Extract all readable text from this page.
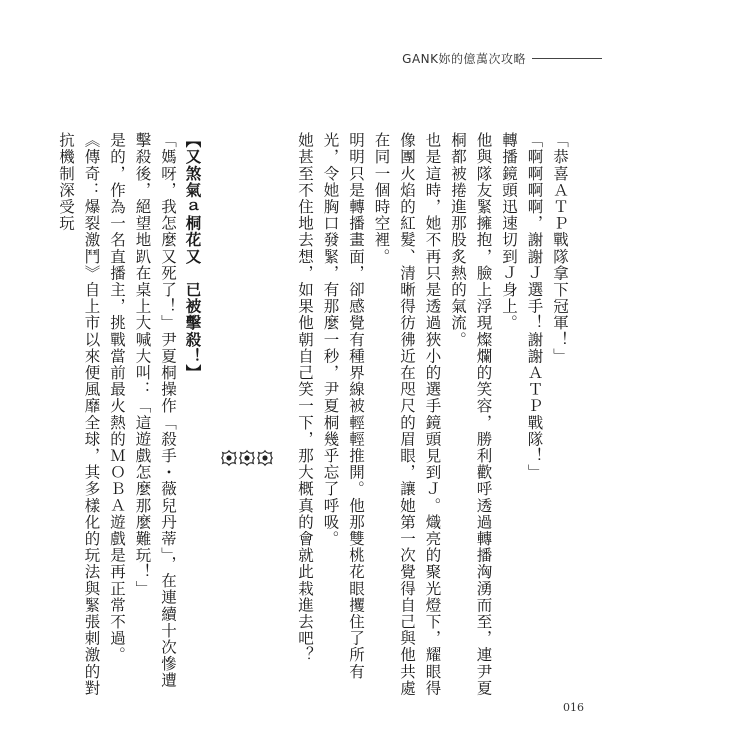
GANK妳的億萬次攻略

「恭喜ＡＴＰ戰隊拿下冠軍！」

「啊啊啊啊，謝謝Ｊ選手！謝謝ＡＴＰ戰隊！」

轉播鏡頭迅速切到Ｊ身上。

他與隊友緊擁抱，臉上浮現燦爛的笑容，勝利歡呼透過轉播洶湧而至，連尹夏桐都被捲進那股炙熱的氣流。

也是這時，她不再只是透過狹小的選手鏡頭見到Ｊ。熾亮的聚光燈下，耀眼得像團火焰的紅髮、清晰得彷彿近在咫尺的眉眼，讓她第一次覺得自己與他共處在同一個時空裡。

明明只是轉播畫面，卻感覺有種界線被輕輕推開。他那雙桃花眼攫住了所有光，令她胸口發緊，有那麼一秒，尹夏桐幾乎忘了呼吸。

她甚至不住地去想，如果他朝自己笑一下，那大概真的會就此栽進去吧？

【又煞氣ａ桐花又　已被擊殺！】

「媽呀，我怎麼又死了！」尹夏桐操作「殺手・薇兒丹蒂」，在連續十次慘遭擊殺後，絕望地趴在桌上大喊大叫：「這遊戲怎麼那麼難玩！」

是的，作為一名直播主，挑戰當前最火熱的ＭＯＢＡ遊戲是再正常不過。

《傳奇：爆裂激鬥》自上市以來便風靡全球，其多樣化的玩法與緊張刺激的對抗機制深受玩

016
